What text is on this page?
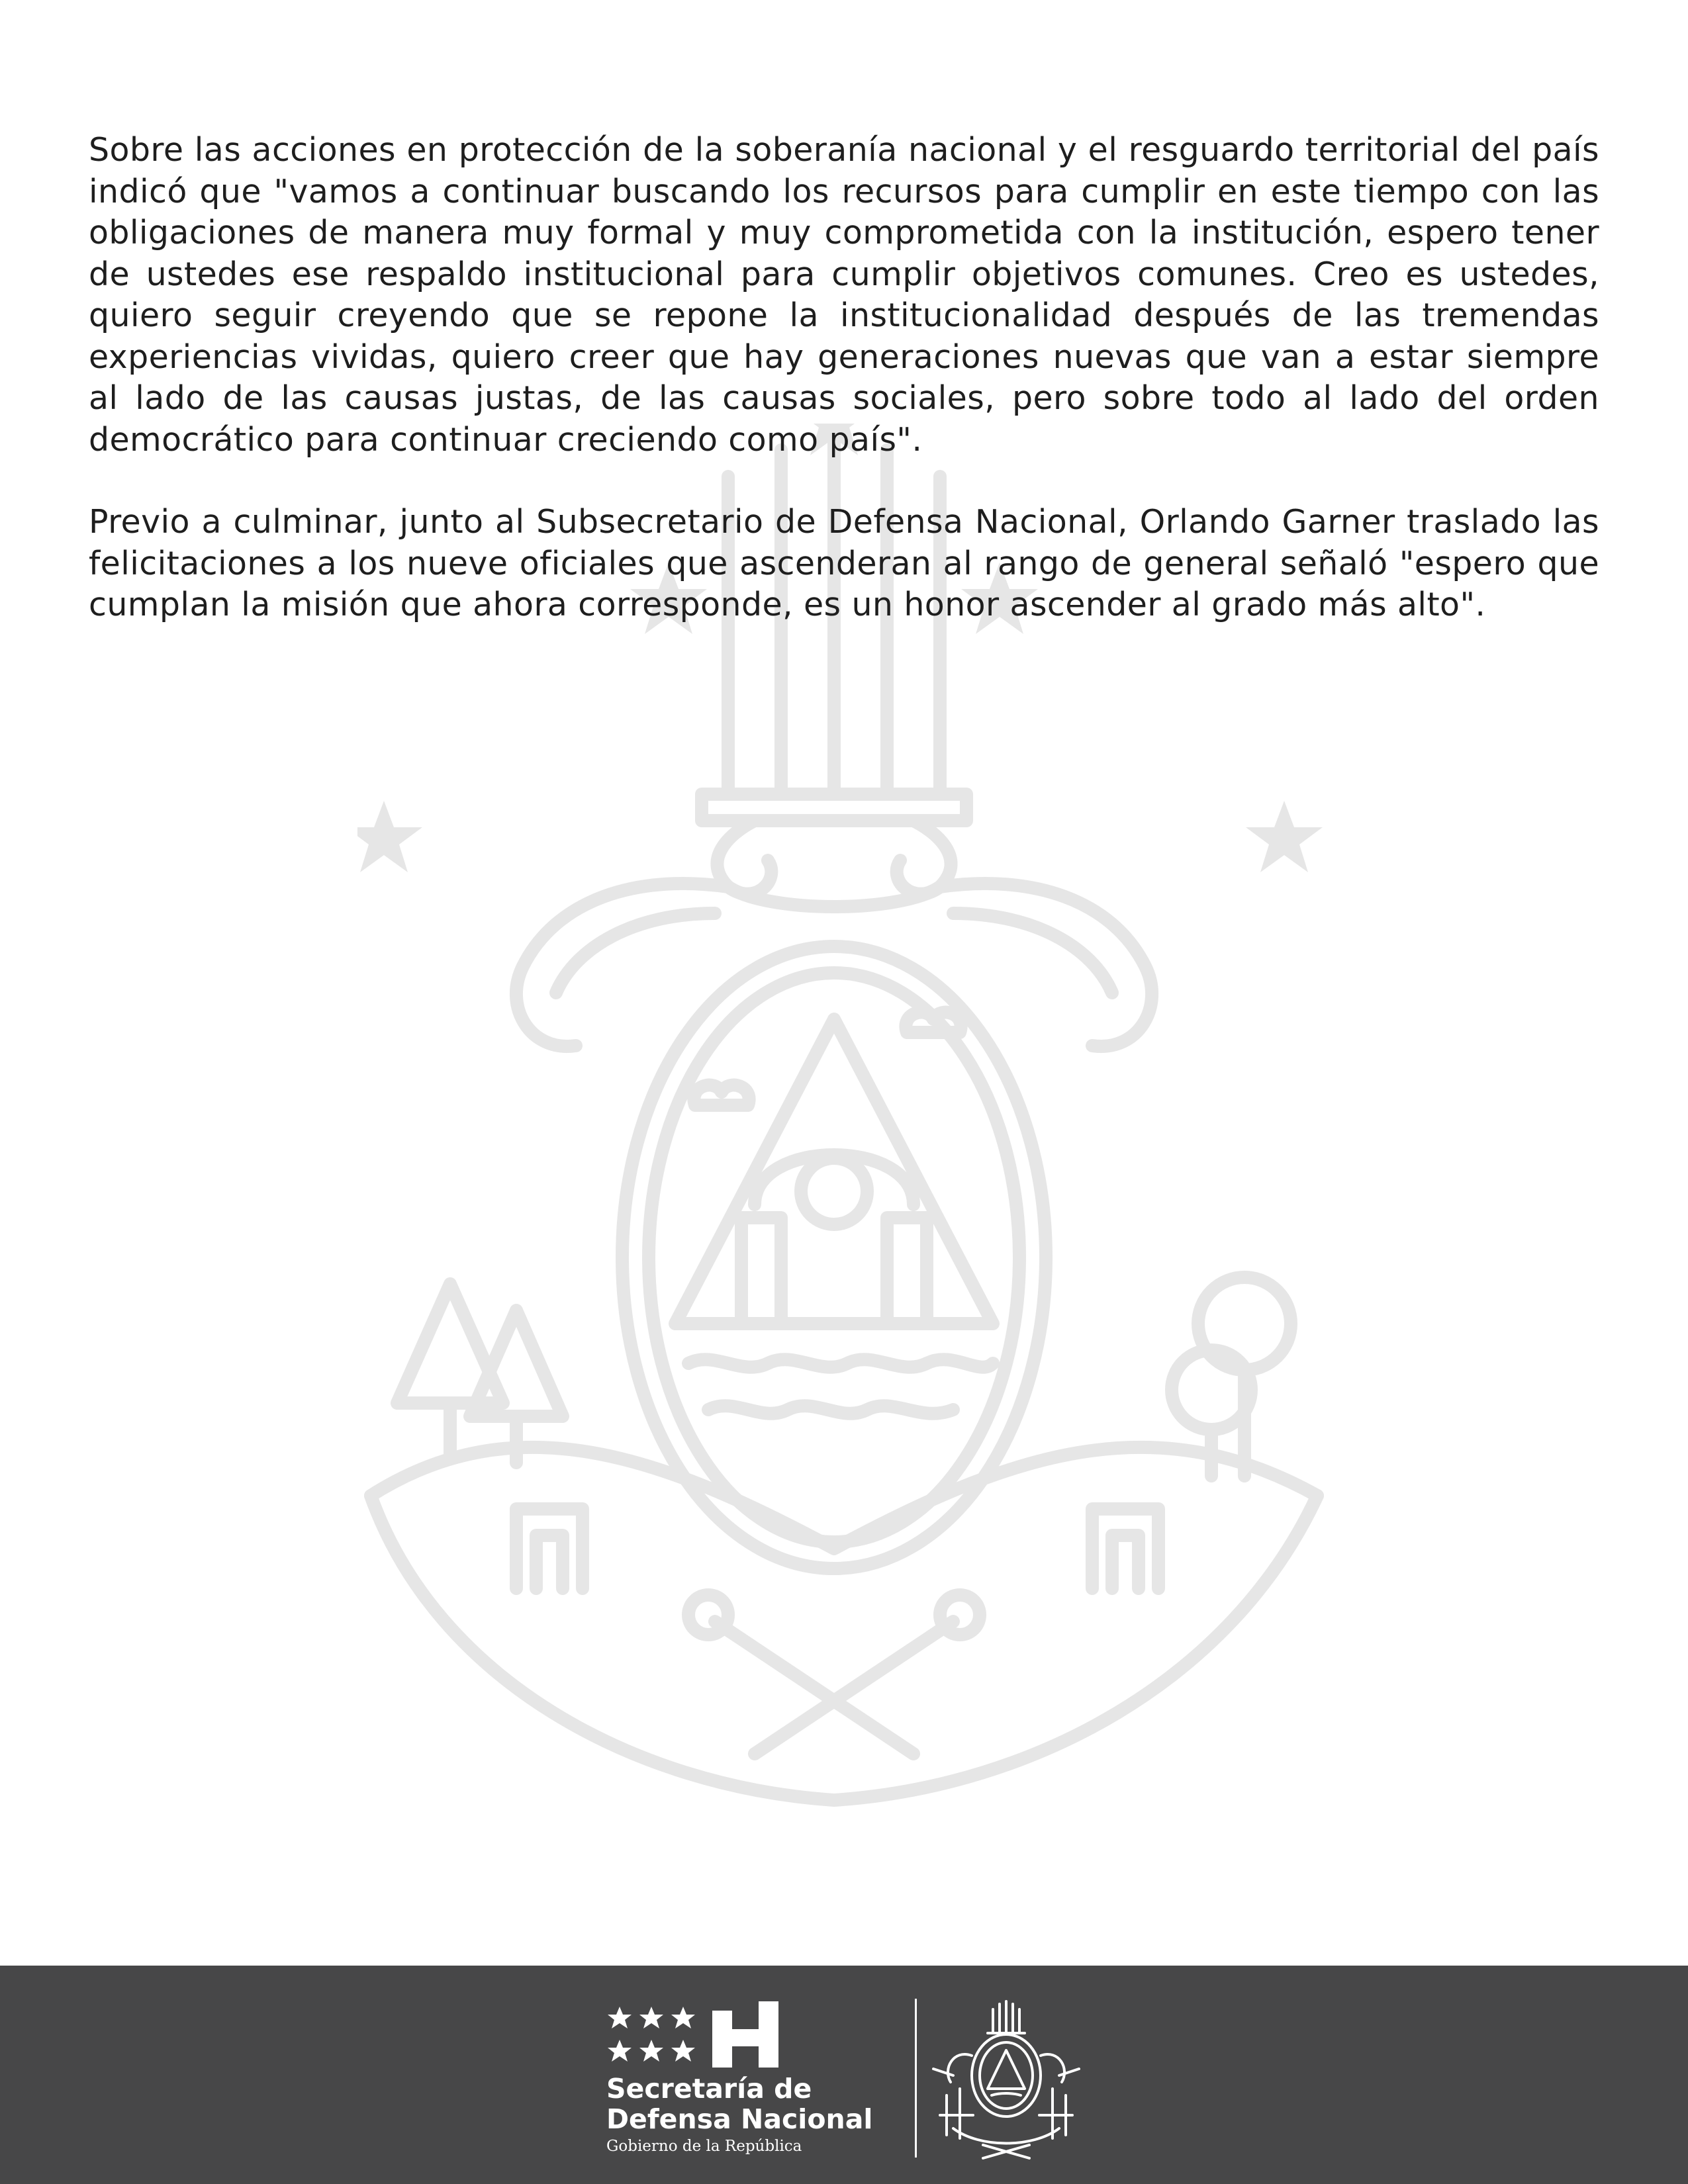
Sobre las acciones en protección de la soberanía nacional y el resguardo territorial del país indicó que "vamos a continuar buscando los recursos para cumplir en este tiempo con las obligaciones de manera muy formal y muy comprometida con la institución, espero tener de ustedes ese respaldo institucional para cumplir objetivos comunes. Creo es ustedes, quiero seguir creyendo que se repone la institucionalidad después de las tremendas experiencias vividas, quiero creer que hay generaciones nuevas que van a estar siempre al lado de las causas justas, de las causas sociales, pero sobre todo al lado del orden democrático para continuar creciendo como país".

Previo a culminar, junto al Subsecretario de Defensa Nacional, Orlando Garner traslado las felicitaciones a los nueve oficiales que ascenderan al rango de general señaló "espero que cumplan la misión que ahora corresponde, es un honor ascender al grado más alto".

Secretaría de
Defensa Nacional
Gobierno de la República
